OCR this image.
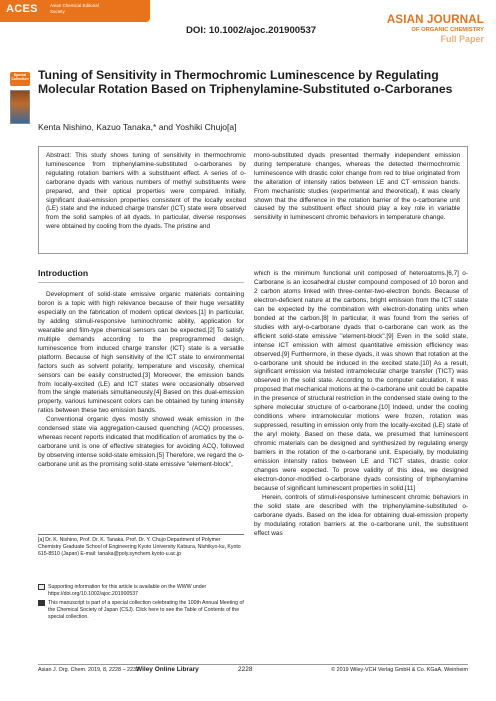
ACES	Asian Chemical Editorial Society
DOI: 10.1002/ajoc.201900537
ASIAN JOURNAL
OF ORGANIC CHEMISTRY
Full Paper
Special Collection Tuning of Sensitivity in Thermochromic Luminescence by Regulating Molecular Rotation Based on Triphenylamine-Substituted o-Carboranes
Kenta Nishino, Kazuo Tanaka,* and Yoshiki Chujo[a]
Abstract: This study shows tuning of sensitivity in thermochromic luminescence from triphenylamine-substituted o-carboranes by regulating rotation barriers with a substituent effect. A series of o-carborane dyads with various numbers of methyl substituents were prepared, and their optical properties were compared. Initially, significant dual-emission properties consistent of the locally excited (LE) state and the induced charge transfer (ICT) state were observed from the solid samples of all dyads. In particular, diverse responses were obtained by cooling from the dyads. The pristine and
mono-substituted dyads presented thermally independent emission during temperature changes, whereas the detected thermochromic luminescence with drastic color change from red to blue originated from the alteration of intensity ratios between LE and CT emission bands. From mechanistic studies (experimental and theoretical), it was clearly shown that the difference in the rotation barrier of the o-carborane unit caused by the substituent effect should play a key role in variable sensitivity in luminescent chromic behaviors in temperature change.
Introduction

Development of solid-state emissive organic materials containing boron is a topic with high relevance because of their huge versatility especially on the fabrication of modern optical devices.[1] In particular, by adding stimuli-responsive luminochromic ability, application for wearable and film-type chemical sensors can be expected.[2] To satisfy multiple demands according to the preprogrammed design, luminescence from induced charge transfer (ICT) state is a versatile platform. Because of high sensitivity of the ICT state to environmental factors such as solvent polarity, temperature and viscosity, chemical sensors can be easily constructed.[3] Moreover, the emission bands from locally-excited (LE) and ICT states were occasionally observed from the single materials simultaneously.[4] Based on this dual-emission property, various luminescent colors can be obtained by tuning intensity ratios between these two emission bands.

Conventional organic dyes mostly showed weak emission in the condensed state via aggregation-caused quenching (ACQ) processes, whereas recent reports indicated that modification of aromatics by the o-carborane unit is one of effective strategies for avoiding ACQ, followed by observing intense solid-state emission.[5] Therefore, we regard the o-carborane unit as the promising solid-state emissive "element-block",

which is the minimum functional unit composed of heteroatoms.[6,7] o-Carborane is an icosahedral cluster compound composed of 10 boron and 2 carbon atoms linked with three-center-two-electron bonds. Because of electron-deficient nature at the carbons, bright emission from the ICT state can be expected by the combination with electron-donating units when bonded at the carbon.[8] In particular, it was found from the series of studies with aryl-o-carborane dyads that o-carborane can work as the efficient solid-state emissive "element-block".[9] Even in the solid state, intense ICT emission with almost quantitative emission efficiency was observed.[9] Furthermore, in these dyads, it was shown that rotation at the o-carborane unit should be induced in the excited state.[10] As a result, significant emission via twisted intramolecular charge transfer (TICT) was observed in the solid state. According to the computer calculation, it was proposed that mechanical motions at the o-carborane unit could be capable in the presence of structural restriction in the condensed state owing to the sphere molecular structure of o-carborane.[10] Indeed, under the cooling conditions where intramolecular motions were frozen, rotation was suppressed, resulting in emission only from the locally-excited (LE) state of the aryl moiety. Based on these data, we presumed that luminescent chromic materials can be designed and synthesized by regulating energy barriers in the rotation of the o-carborane unit. Especially, by modulating emission intensity ratios between LE and TICT states, drastic color changes were expected. To prove validity of this idea, we designed electron-donor-modified o-carborane dyads consisting of triphenylamine because of significant luminescent properties in solid.[11]

Herein, controls of stimuli-responsive luminescent chromic behaviors in the solid state are described with the triphenylamine-substituted o-carborane dyads. Based on the idea for obtaining dual-emission property by modulating rotation barriers at the o-carborane unit, the substituent effect was

[a] Dr. K. Nishino, Prof. Dr. K. Tanaka, Prof. Dr. Y. Chujo Department of Polymer Chemistry Graduate School of Engineering Kyoto University Katsura, Nishikyo-ku, Kyoto 615-8510 (Japan) E-mail: tanaka@poly.synchem.kyoto-u.ac.jp
Supporting information for this article is available on the WWW under https://doi.org/10.1002/ajoc.201900537
This manuscript is part of a special collection celebrating the 100th Annual Meeting of the Chemical Society of Japan (CSJ). Click here to see the Table of Contents of the special collection.
Asian J. Org. Chem. 2019, 8, 2228 – 2232
Wiley Online Library	2228	© 2019 Wiley-VCH Verlag GmbH & Co. KGaA, Weinheim
